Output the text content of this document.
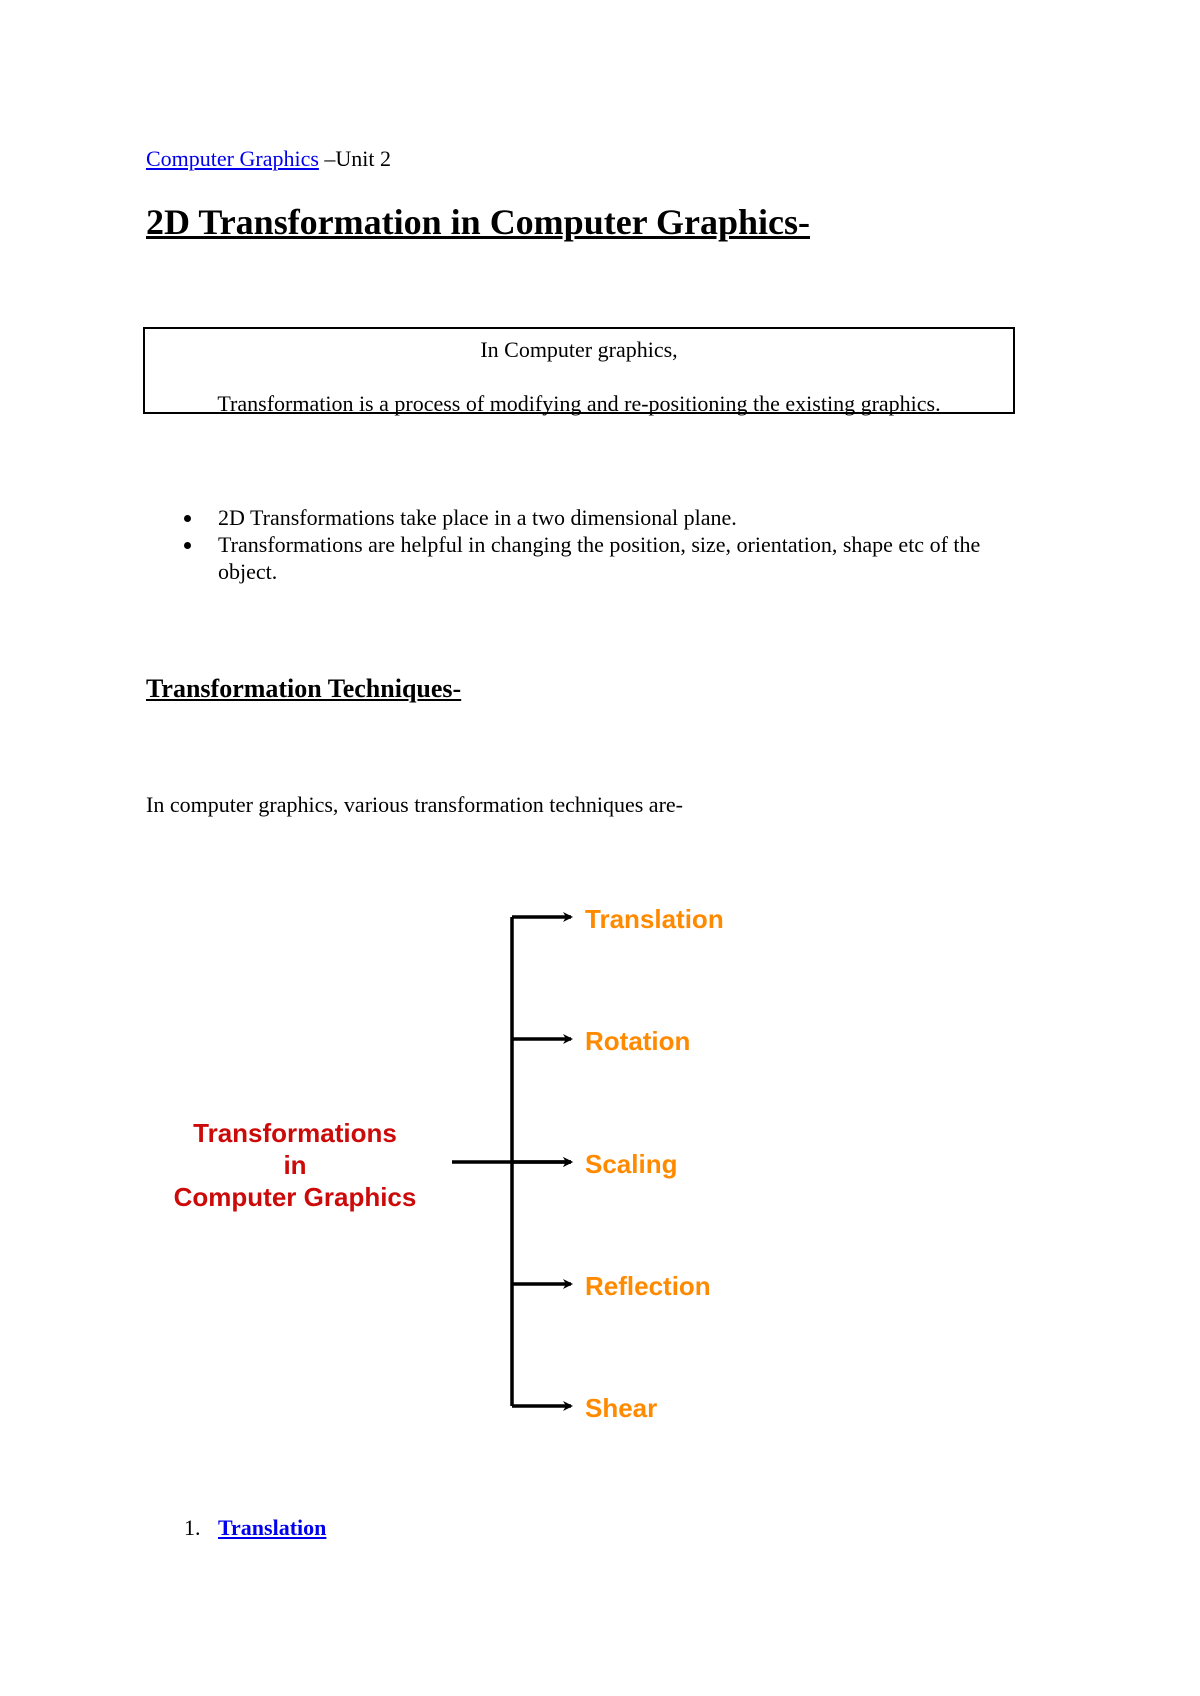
Computer Graphics –Unit 2
2D Transformation in Computer Graphics-
In Computer graphics,
Transformation is a process of modifying and re-positioning the existing graphics.
2D Transformations take place in a two dimensional plane.
Transformations are helpful in changing the position, size, orientation, shape etc of the object.
Transformation Techniques-
In computer graphics, various transformation techniques are-
Transformations
in
Computer Graphics
Translation
Rotation
Scaling
Reflection
Shear
1. Translation
